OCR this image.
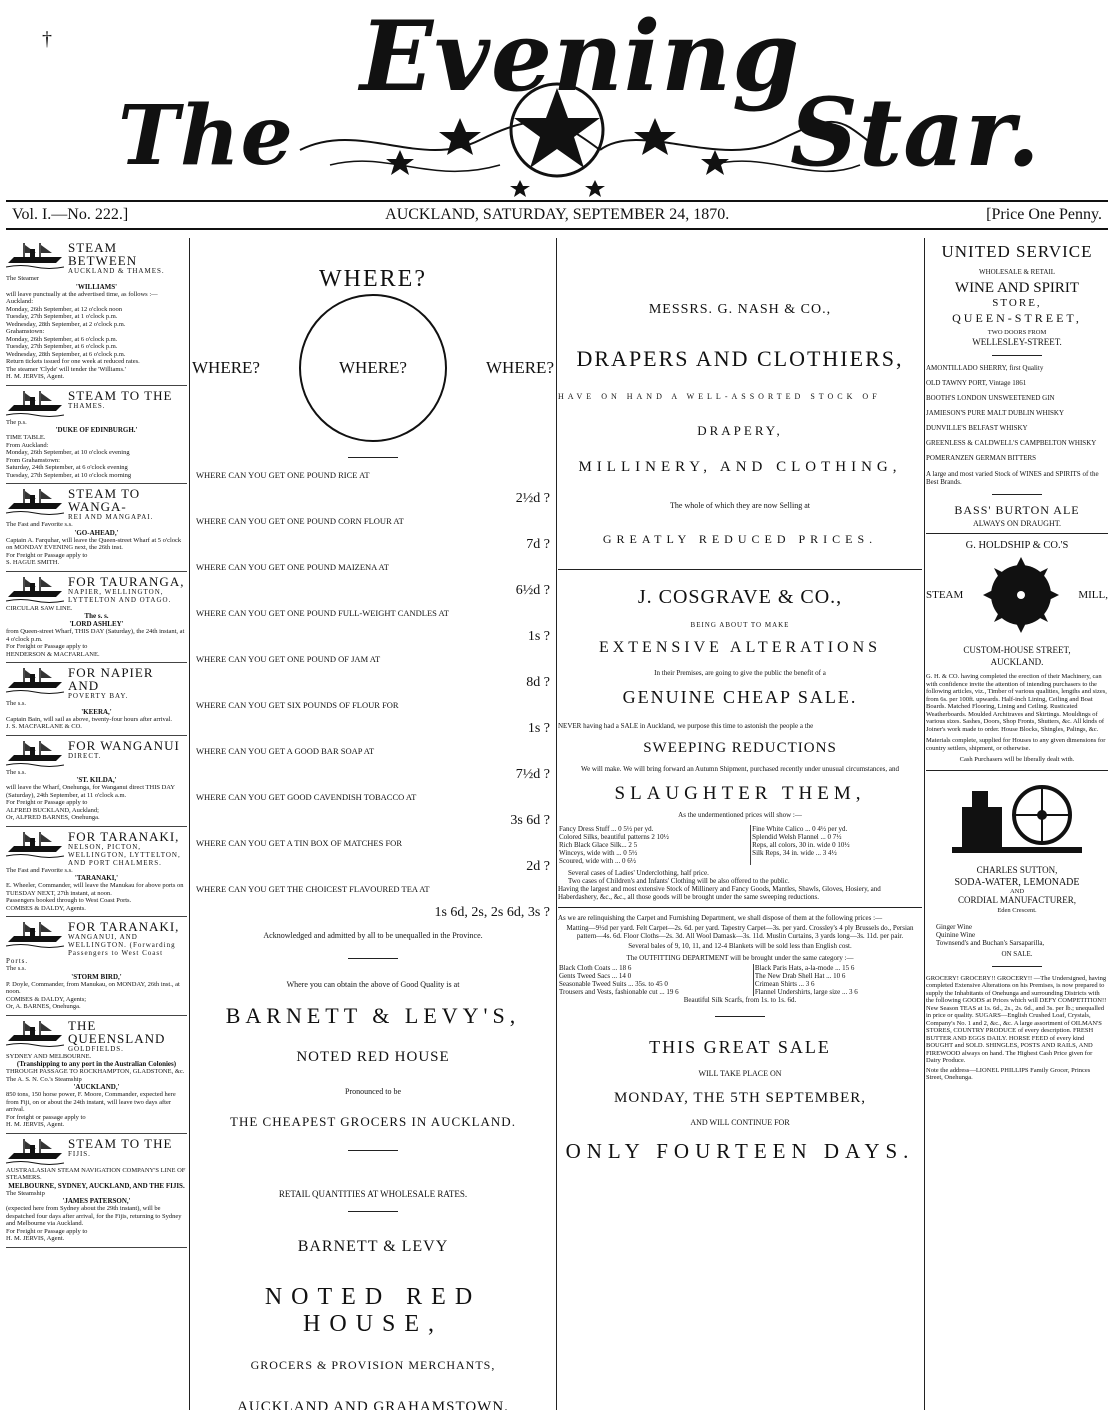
†
The
Evening
Star.
Vol. I.—No. 222.]	AUCKLAND, SATURDAY, SEPTEMBER 24, 1870.	[Price One Penny.
STEAM BETWEEN
AUCKLAND & THAMES.
The Steamer
'WILLIAMS'
will leave punctually at the advertised time, as follows :—
Auckland:
Monday, 26th September, at 12 o'clock noon
Tuesday, 27th September, at 1 o'clock p.m.
Wednesday, 28th September, at 2 o'clock p.m.
Grahamstown:
Monday, 26th September, at 6 o'clock p.m.
Tuesday, 27th September, at 6 o'clock p.m.
Wednesday, 28th September, at 6 o'clock p.m.
Return tickets issued for one week at reduced rates.
The steamer 'Clyde' will tender the 'Williams.'
H. M. JERVIS, Agent.
STEAM TO THE
THAMES.
The p.s.
'DUKE OF EDINBURGH.'
TIME TABLE.
From Auckland:
Monday, 26th September, at 10 o'clock evening
From Grahamstown:
Saturday, 24th September, at 6 o'clock evening
Tuesday, 27th September, at 10 o'clock morning
STEAM TO WANGA-
REI AND MANGAPAI.
The Fast and Favorite s.s.
'GO-AHEAD,'
Captain A. Farquhar, will leave the Queen-street Wharf at 5 o'clock on MONDAY EVENING next, the 26th inst.
For Freight or Passage apply to
S. HAGUE SMITH.
FOR TAURANGA,
NAPIER, WELLINGTON, LYTTELTON AND OTAGO.
CIRCULAR SAW LINE.
The s. s.
'LORD ASHLEY'
from Queen-street Wharf, THIS DAY (Saturday), the 24th instant, at 4 o'clock p.m.
For Freight or Passage apply to
HENDERSON & MACFARLANE.
FOR NAPIER AND
POVERTY BAY.
The s.s.
'KEERA,'
Captain Bain, will sail as above, twenty-four hours after arrival.
J. S. MACFARLANE & CO.
FOR WANGANUI
DIRECT.
The s.s.
'ST. KILDA,'
will leave the Wharf, Onehunga, for Wanganui direct THIS DAY (Saturday), 24th September, at 11 o'clock a.m.
For Freight or Passage apply to
ALFRED BUCKLAND, Auckland;
Or, ALFRED BARNES, Onehunga.
FOR TARANAKI,
NELSON, PICTON, WELLINGTON, LYTTELTON, AND PORT CHALMERS.
The Fast and Favorite s.s.
'TARANAKI,'
E. Wheeler, Commander, will leave the Manukau for above ports on TUESDAY NEXT, 27th instant, at noon.
Passengers booked through to West Coast Ports.
COMBES & DALDY, Agents.
FOR TARANAKI,
WANGANUI, AND WELLINGTON. (Forwarding Passengers to West Coast Ports.
The s.s.
'STORM BIRD,'
P. Doyle, Commander, from Manukau, on MONDAY, 26th inst., at noon.
COMBES & DALDY, Agents;
Or, A. BARNES, Onehunga.
THE QUEENSLAND
GOLDFIELDS.
SYDNEY AND MELBOURNE.
(Transhipping to any port in the Australian Colonies)
THROUGH PASSAGE TO ROCKHAMPTON, GLADSTONE, &c.
The A. S. N. Co.'s Steamship
'AUCKLAND,'
850 tons, 150 horse power, F. Moore, Commander, expected here from Fiji, on or about the 24th instant, will leave two days after arrival.
For freight or passage apply to
H. M. JERVIS, Agent.
STEAM TO THE
FIJIS.
AUSTRALASIAN STEAM NAVIGATION COMPANY'S LINE OF STEAMERS.
MELBOURNE, SYDNEY, AUCKLAND, AND THE FIJIS.
The Steamship
'JAMES PATERSON,'
(expected here from Sydney about the 29th instant), will be despatched four days after arrival, for the Fijis, returning to Sydney and Melbourne via Auckland.
For Freight or Passage apply to
H. M. JERVIS, Agent.
WHERE?
WHERE?	WHERE?	WHERE?
WHERE CAN YOU GET ONE POUND RICE AT
2½d ?
WHERE CAN YOU GET ONE POUND CORN FLOUR AT
7d ?
WHERE CAN YOU GET ONE POUND MAIZENA AT
6½d ?
WHERE CAN YOU GET ONE POUND FULL-WEIGHT CANDLES AT
1s ?
WHERE CAN YOU GET ONE POUND OF JAM AT
8d ?
WHERE CAN YOU GET SIX POUNDS OF FLOUR FOR
1s ?
WHERE CAN YOU GET A GOOD BAR SOAP AT
7½d ?
WHERE CAN YOU GET GOOD CAVENDISH TOBACCO AT
3s 6d ?
WHERE CAN YOU GET A TIN BOX OF MATCHES FOR
2d ?
WHERE CAN YOU GET THE CHOICEST FLAVOURED TEA AT
1s 6d, 2s, 2s 6d, 3s ?
Acknowledged and admitted by all to be unequalled in the Province.
Where you can obtain the above of Good Quality is at
BARNETT & LEVY'S,
NOTED RED HOUSE
Pronounced to be
THE CHEAPEST GROCERS IN AUCKLAND.
RETAIL QUANTITIES AT WHOLESALE RATES.
BARNETT & LEVY
NOTED RED HOUSE,
GROCERS & PROVISION MERCHANTS,
AUCKLAND AND GRAHAMSTOWN.
MESSRS. G. NASH & CO.,
DRAPERS AND CLOTHIERS,
HAVE ON HAND A WELL-ASSORTED STOCK OF
DRAPERY,
MILLINERY, AND CLOTHING,
The whole of which they are now Selling at
GREATLY REDUCED PRICES.
J. COSGRAVE & CO.,
BEING ABOUT TO MAKE
EXTENSIVE ALTERATIONS
In their Premises, are going to give the public the benefit of a
GENUINE CHEAP SALE.
NEVER having had a SALE in Auckland, we purpose this time to astonish the people a the
SWEEPING REDUCTIONS
We will make. We will bring forward an Autumn Shipment, purchased recently under unusual circumstances, and
SLAUGHTER THEM,
As the undermentioned prices will show :—
Fancy Dress Stuff ... 0 5½ per yd.	Fine White Calico ... 0 4½ per yd.
Colored Silks, beautiful patterns 2 10½	Splendid Welsh Flannel ... 0 7½
Rich Black Glace Silk... 2 5	Reps, all colors, 30 in. wide 0 10½
Winceys, wide with ... 0 5½	Silk Reps, 34 in. wide ... 3 4½
Scoured, wide with ... 0 6½	
Several cases of Ladies' Underclothing, half price.
Two cases of Children's and Infants' Clothing will be also offered to the public.
Having the largest and most extensive Stock of Millinery and Fancy Goods, Mantles, Shawls, Gloves, Hosiery, and Haberdashery, &c., &c., all those goods will be brought under the same sweeping reductions.
As we are relinquishing the Carpet and Furnishing Department, we shall dispose of them at the following prices :—
Matting—9½d per yard. Felt Carpet—2s. 6d. per yard. Tapestry Carpet—3s. per yard. Crossley's 4 ply Brussels do., Persian pattern—4s. 6d. Floor Cloths—2s. 3d. All Wool Damask—3s. 11d. Muslin Curtains, 3 yards long—3s. 11d. per pair.
Several bales of 9, 10, 11, and 12-4 Blankets will be sold less than English cost.
The OUTFITTING DEPARTMENT will be brought under the same category :—
Black Cloth Coats ... 18 6	Black Paris Hats, a-la-mode ... 15 6
Gents Tweed Sacs ... 14 0	The New Drab Shell Hat ... 10 6
Seasonable Tweed Suits ... 35s. to 45 0	Crimean Shirts ... 3 6
Trousers and Vests, fashionable cut ... 19 6	Flannel Undershirts, large size ... 3 6
Beautiful Silk Scarfs, from 1s. to 1s. 6d.
THIS GREAT SALE
WILL TAKE PLACE ON
MONDAY, THE 5TH SEPTEMBER,
AND WILL CONTINUE FOR
ONLY FOURTEEN DAYS.
UNITED SERVICE
WHOLESALE & RETAIL
WINE AND SPIRIT
STORE,
QUEEN-STREET,
TWO DOORS FROM
WELLESLEY-STREET.
AMONTILLADO SHERRY, first Quality
OLD TAWNY PORT, Vintage 1861
BOOTH'S LONDON UNSWEETENED GIN
JAMIESON'S PURE MALT DUBLIN WHISKY
DUNVILLE'S BELFAST WHISKY
GREENLESS & CALDWELL'S CAMPBELTON WHISKY
POMERANZEN GERMAN BITTERS
A large and most varied Stock of WINES and SPIRITS of the Best Brands.
BASS' BURTON ALE
ALWAYS ON DRAUGHT.
G. HOLDSHIP & CO.'S
STEAM	MILL,
CUSTOM-HOUSE STREET,
AUCKLAND.
G. H. & CO. having completed the erection of their Machinery, can with confidence invite the attention of intending purchasers to the following articles, viz., Timber of various qualities, lengths and sizes, from 6s. per 100ft. upwards. Half-inch Lining, Ceiling and Boat Boards. Matched Flooring, Lining and Ceiling. Rusticated Weatherboards. Moulded Architraves and Skirtings. Mouldings of various sizes. Sashes, Doors, Shop Fronts, Shutters, &c. All kinds of Joiner's work made to order. House Blocks, Shingles, Palings, &c.
Materials complete, supplied for Houses to any given dimensions for country settlers, shipment, or otherwise.
Cash Purchasers will be liberally dealt with.
CHARLES SUTTON,
SODA-WATER, LEMONADE
AND
CORDIAL MANUFACTURER,
Eden Crescent.
Ginger Wine
Quinine Wine
Townsend's and Buchan's Sarsaparilla,
ON SALE.
GROCERY! GROCERY!! GROCERY!! —The Undersigned, having completed Extensive Alterations on his Premises, is now prepared to supply the Inhabitants of Onehunga and surrounding Districts with the following GOODS at Prices which will DEFY COMPETITION!! New Season TEAS at 1s. 6d., 2s., 2s. 6d., and 3s. per lb.; unequalled in price or quality. SUGARS—English Crushed Loaf, Crystals, Company's No. 1 and 2, &c., &c. A large assortment of OILMAN'S STORES, COUNTRY PRODUCE of every description. FRESH BUTTER AND EGGS DAILY. HORSE FEED of every kind BOUGHT and SOLD. SHINGLES, POSTS AND RAILS, AND FIREWOOD always on hand. The Highest Cash Price given for Dairy Produce.
Note the address—LIONEL PHILLIPS Family Grocer, Princes Street, Onehunga.
